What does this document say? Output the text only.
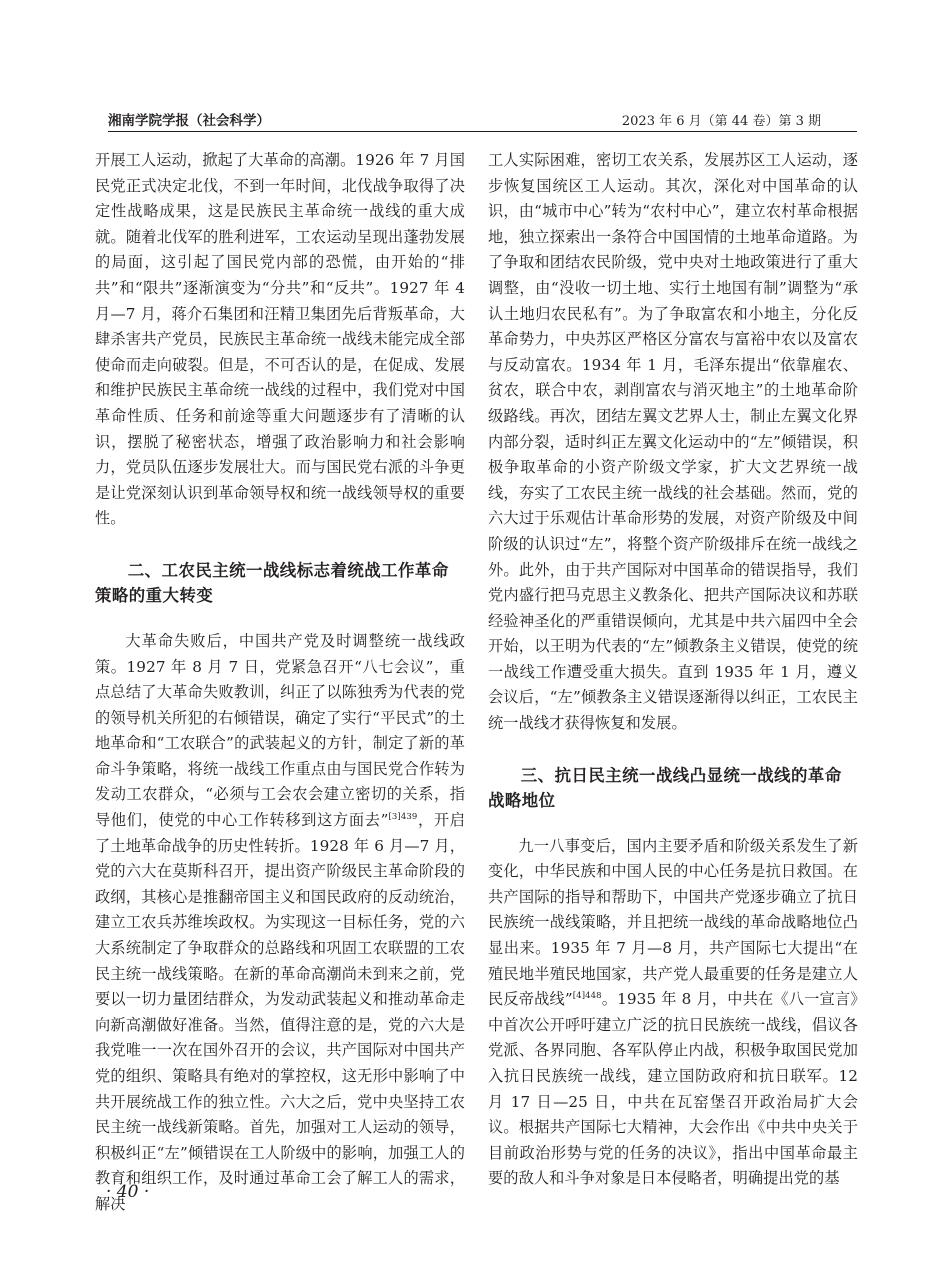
湘南学院学报（社会科学）	2023 年 6 月（第 44 卷）第 3 期

开展工人运动，掀起了大革命的高潮。1926 年 7 月国民党正式决定北伐，不到一年时间，北伐战争取得了决定性战略成果，这是民族民主革命统一战线的重大成就。随着北伐军的胜利进军，工农运动呈现出蓬勃发展的局面，这引起了国民党内部的恐慌，由开始的“排共”和“限共”逐渐演变为“分共”和“反共”。1927 年 4 月—7 月，蒋介石集团和汪精卫集团先后背叛革命，大肆杀害共产党员，民族民主革命统一战线未能完成全部使命而走向破裂。但是，不可否认的是，在促成、发展和维护民族民主革命统一战线的过程中，我们党对中国革命性质、任务和前途等重大问题逐步有了清晰的认识，摆脱了秘密状态，增强了政治影响力和社会影响力，党员队伍逐步发展壮大。而与国民党右派的斗争更是让党深刻认识到革命领导权和统一战线领导权的重要性。

二、工农民主统一战线标志着统战工作革命策略的重大转变

大革命失败后，中国共产党及时调整统一战线政策。1927 年 8 月 7 日，党紧急召开“八七会议”，重点总结了大革命失败教训，纠正了以陈独秀为代表的党的领导机关所犯的右倾错误，确定了实行“平民式”的土地革命和“工农联合”的武装起义的方针，制定了新的革命斗争策略，将统一战线工作重点由与国民党合作转为发动工农群众，“必须与工会农会建立密切的关系，指导他们，使党的中心工作转移到这方面去”$^{[3]439}$，开启了土地革命战争的历史性转折。1928 年 6 月—7 月，党的六大在莫斯科召开，提出资产阶级民主革命阶段的政纲，其核心是推翻帝国主义和国民政府的反动统治，建立工农兵苏维埃政权。为实现这一目标任务，党的六大系统制定了争取群众的总路线和巩固工农联盟的工农民主统一战线策略。在新的革命高潮尚未到来之前，党要以一切力量团结群众，为发动武装起义和推动革命走向新高潮做好准备。当然，值得注意的是，党的六大是我党唯一一次在国外召开的会议，共产国际对中国共产党的组织、策略具有绝对的掌控权，这无形中影响了中共开展统战工作的独立性。六大之后，党中央坚持工农民主统一战线新策略。首先，加强对工人运动的领导，积极纠正“左”倾错误在工人阶级中的影响，加强工人的教育和组织工作，及时通过革命工会了解工人的需求，解决

工人实际困难，密切工农关系，发展苏区工人运动，逐步恢复国统区工人运动。其次，深化对中国革命的认识，由“城市中心”转为“农村中心”，建立农村革命根据地，独立探索出一条符合中国国情的土地革命道路。为了争取和团结农民阶级，党中央对土地政策进行了重大调整，由“没收一切土地、实行土地国有制”调整为“承认土地归农民私有”。为了争取富农和小地主，分化反革命势力，中央苏区严格区分富农与富裕中农以及富农与反动富农。1934 年 1 月，毛泽东提出“依靠雇农、贫农，联合中农，剥削富农与消灭地主”的土地革命阶级路线。再次，团结左翼文艺界人士，制止左翼文化界内部分裂，适时纠正左翼文化运动中的“左”倾错误，积极争取革命的小资产阶级文学家，扩大文艺界统一战线，夯实了工农民主统一战线的社会基础。然而，党的六大过于乐观估计革命形势的发展，对资产阶级及中间阶级的认识过“左”，将整个资产阶级排斥在统一战线之外。此外，由于共产国际对中国革命的错误指导，我们党内盛行把马克思主义教条化、把共产国际决议和苏联经验神圣化的严重错误倾向，尤其是中共六届四中全会开始，以王明为代表的“左”倾教条主义错误，使党的统一战线工作遭受重大损失。直到 1935 年 1 月，遵义会议后，“左”倾教条主义错误逐渐得以纠正，工农民主统一战线才获得恢复和发展。

三、抗日民主统一战线凸显统一战线的革命战略地位

九一八事变后，国内主要矛盾和阶级关系发生了新变化，中华民族和中国人民的中心任务是抗日救国。在共产国际的指导和帮助下，中国共产党逐步确立了抗日民族统一战线策略，并且把统一战线的革命战略地位凸显出来。1935 年 7 月—8 月，共产国际七大提出“在殖民地半殖民地国家，共产党人最重要的任务是建立人民反帝战线”$^{[4]448}$。1935 年 8 月，中共在《八一宣言》中首次公开呼吁建立广泛的抗日民族统一战线，倡议各党派、各界同胞、各军队停止内战，积极争取国民党加入抗日民族统一战线，建立国防政府和抗日联军。12 月 17 日—25 日，中共在瓦窑堡召开政治局扩大会议。根据共产国际七大精神，大会作出《中共中央关于目前政治形势与党的任务的决议》，指出中国革命最主要的敌人和斗争对象是日本侵略者，明确提出党的基

· 40 ·
